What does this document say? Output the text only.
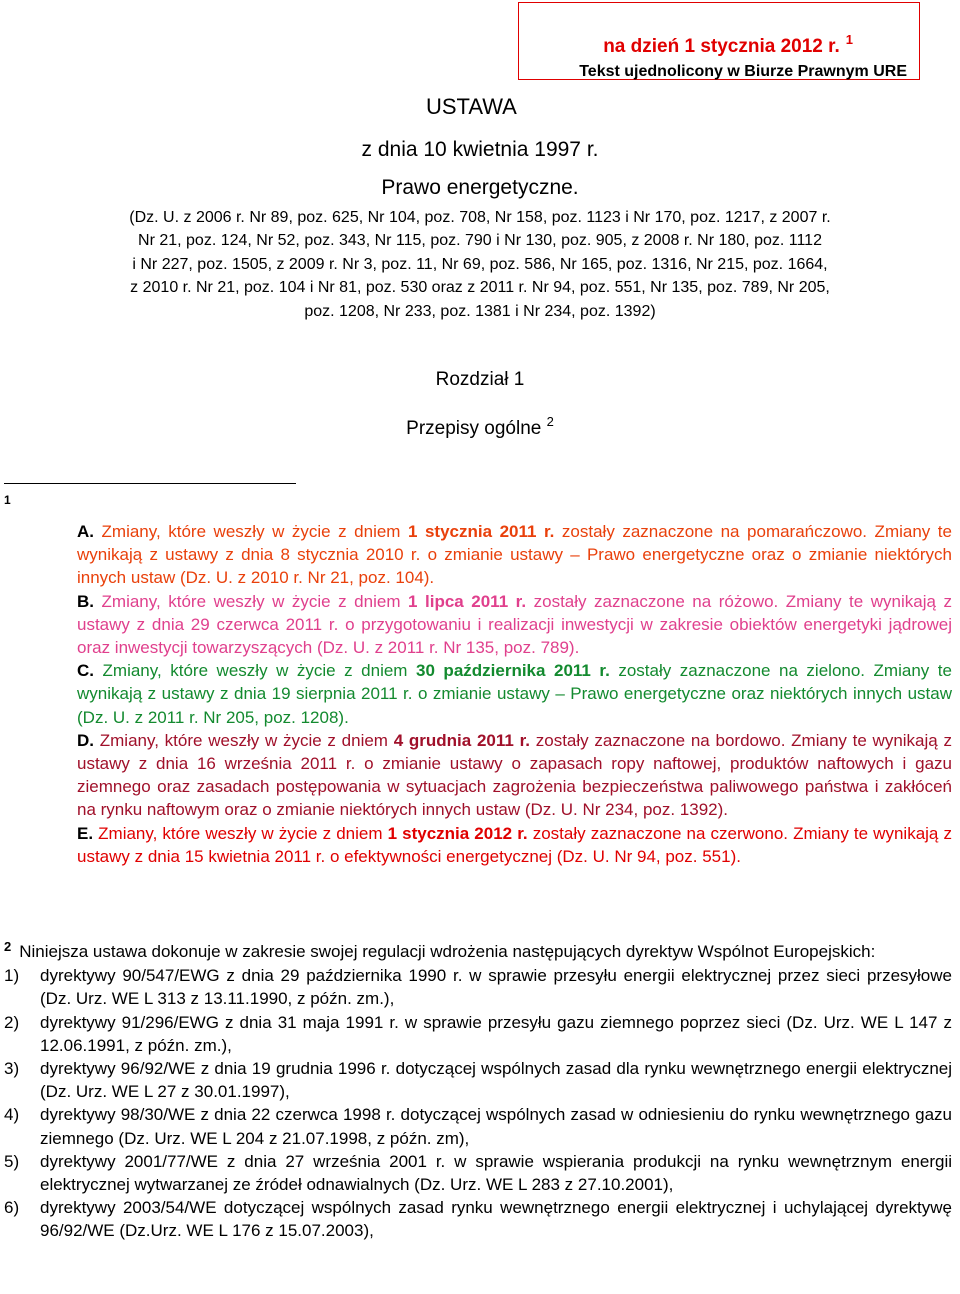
na dzień 1 stycznia 2012 r. $^1$
Tekst ujednolicony w Biurze Prawnym URE
USTAWA
z dnia 10 kwietnia 1997 r.
Prawo energetyczne.
(Dz. U. z 2006 r. Nr 89, poz. 625, Nr 104, poz. 708, Nr 158, poz. 1123 i Nr 170, poz. 1217, z 2007 r.
Nr 21, poz. 124, Nr 52, poz. 343, Nr 115, poz. 790 i Nr 130, poz. 905, z 2008 r. Nr 180, poz. 1112
i Nr 227, poz. 1505, z 2009 r. Nr 3, poz. 11, Nr 69, poz. 586, Nr 165, poz. 1316, Nr 215, poz. 1664,
z 2010 r. Nr 21, poz. 104 i Nr 81, poz. 530 oraz z 2011 r. Nr 94, poz. 551, Nr 135, poz. 789, Nr 205,
poz. 1208, Nr 233, poz. 1381 i Nr 234, poz. 1392)
Rozdział 1
Przepisy ogólne $^2$
1

A. Zmiany, które weszły w życie z dniem 1 stycznia 2011 r. zostały zaznaczone na pomarańczowo. Zmiany te wynikają z ustawy z dnia 8 stycznia 2010 r. o zmianie ustawy – Prawo energetyczne oraz o zmianie niektórych innych ustaw (Dz. U. z 2010 r. Nr 21, poz. 104).

B. Zmiany, które weszły w życie z dniem 1 lipca 2011 r. zostały zaznaczone na różowo. Zmiany te wynikają z ustawy z dnia 29 czerwca 2011 r. o przygotowaniu i realizacji inwestycji w zakresie obiektów energetyki jądrowej oraz inwestycji towarzyszących (Dz. U. z 2011 r. Nr 135, poz. 789).

C. Zmiany, które weszły w życie z dniem 30 października 2011 r. zostały zaznaczone na zielono. Zmiany te wynikają z ustawy z dnia 19 sierpnia 2011 r. o zmianie ustawy – Prawo energetyczne oraz niektórych innych ustaw (Dz. U. z 2011 r. Nr 205, poz. 1208).

D. Zmiany, które weszły w życie z dniem 4 grudnia 2011 r. zostały zaznaczone na bordowo. Zmiany te wynikają z ustawy z dnia 16 września 2011 r. o zmianie ustawy o zapasach ropy naftowej, produktów naftowych i gazu ziemnego oraz zasadach postępowania w sytuacjach zagrożenia bezpieczeństwa paliwowego państwa i zakłóceń na rynku naftowym oraz o zmianie niektórych innych ustaw (Dz. U. Nr 234, poz. 1392).

E. Zmiany, które weszły w życie z dniem 1 stycznia 2012 r. zostały zaznaczone na czerwono. Zmiany te wynikają z ustawy z dnia 15 kwietnia 2011 r. o efektywności energetycznej (Dz. U. Nr 94, poz. 551).

$^2$ Niniejsza ustawa dokonuje w zakresie swojej regulacji wdrożenia następujących dyrektyw Wspólnot Europejskich:

1)	dyrektywy 90/547/EWG z dnia 29 października 1990 r. w sprawie przesyłu energii elektrycznej przez sieci przesyłowe (Dz. Urz. WE L 313 z 13.11.1990, z późn. zm.),
2)	dyrektywy 91/296/EWG z dnia 31 maja 1991 r. w sprawie przesyłu gazu ziemnego poprzez sieci (Dz. Urz. WE L 147 z 12.06.1991, z późn. zm.),
3)	dyrektywy 96/92/WE z dnia 19 grudnia 1996 r. dotyczącej wspólnych zasad dla rynku wewnętrznego energii elektrycznej (Dz. Urz. WE L 27 z 30.01.1997),
4)	dyrektywy 98/30/WE z dnia 22 czerwca 1998 r. dotyczącej wspólnych zasad w odniesieniu do rynku wewnętrznego gazu ziemnego (Dz. Urz. WE L 204 z 21.07.1998, z późn. zm),
5)	dyrektywy 2001/77/WE z dnia 27 września 2001 r. w sprawie wspierania produkcji na rynku wewnętrznym energii elektrycznej wytwarzanej ze źródeł odnawialnych (Dz. Urz. WE L 283 z 27.10.2001),
6)	dyrektywy 2003/54/WE dotyczącej wspólnych zasad rynku wewnętrznego energii elektrycznej i uchylającej dyrektywę 96/92/WE (Dz.Urz. WE L 176 z 15.07.2003),
